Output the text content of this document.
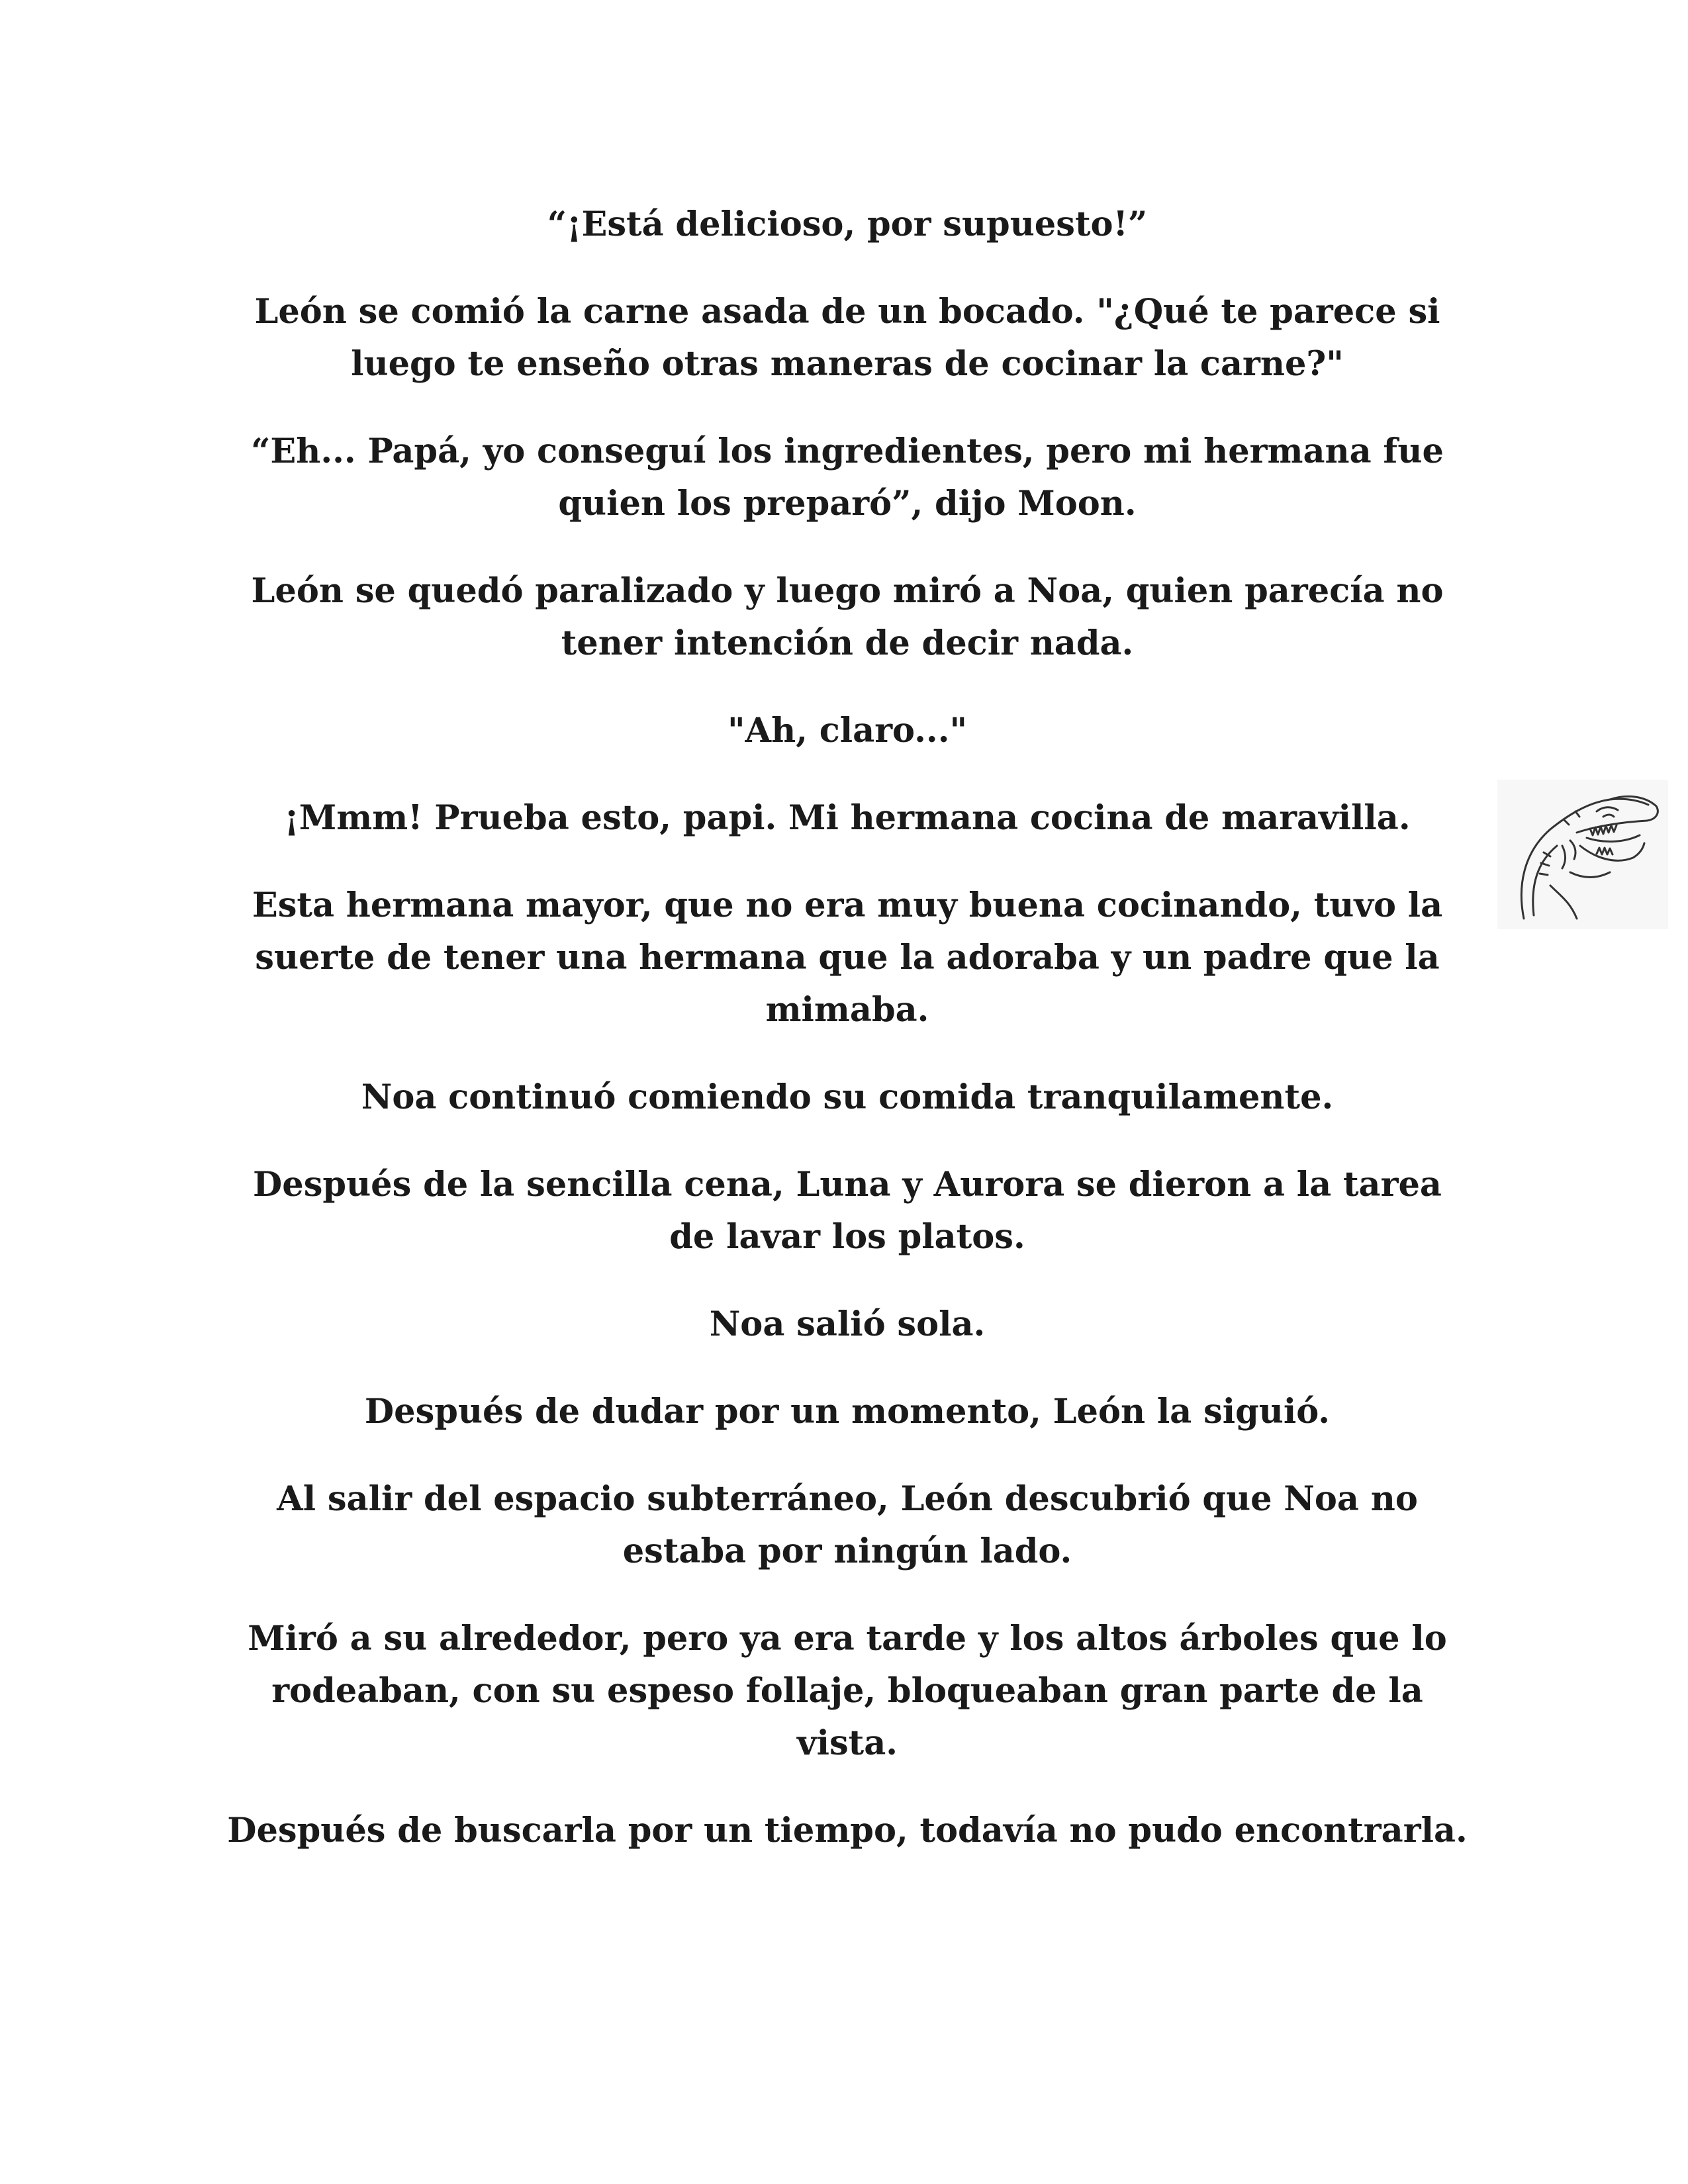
“¡Está delicioso, por supuesto!”

León se comió la carne asada de un bocado. "¿Qué te parece si luego te enseño otras maneras de cocinar la carne?"

“Eh... Papá, yo conseguí los ingredientes, pero mi hermana fue quien los preparó”, dijo Moon.

León se quedó paralizado y luego miró a Noa, quien parecía no tener intención de decir nada.

"Ah, claro..."

¡Mmm! Prueba esto, papi. Mi hermana cocina de maravilla.

Esta hermana mayor, que no era muy buena cocinando, tuvo la suerte de tener una hermana que la adoraba y un padre que la mimaba.

Noa continuó comiendo su comida tranquilamente.

Después de la sencilla cena, Luna y Aurora se dieron a la tarea de lavar los platos.

Noa salió sola.

Después de dudar por un momento, León la siguió.

Al salir del espacio subterráneo, León descubrió que Noa no estaba por ningún lado.

Miró a su alrededor, pero ya era tarde y los altos árboles que lo rodeaban, con su espeso follaje, bloqueaban gran parte de la vista.

Después de buscarla por un tiempo, todavía no pudo encontrarla.
